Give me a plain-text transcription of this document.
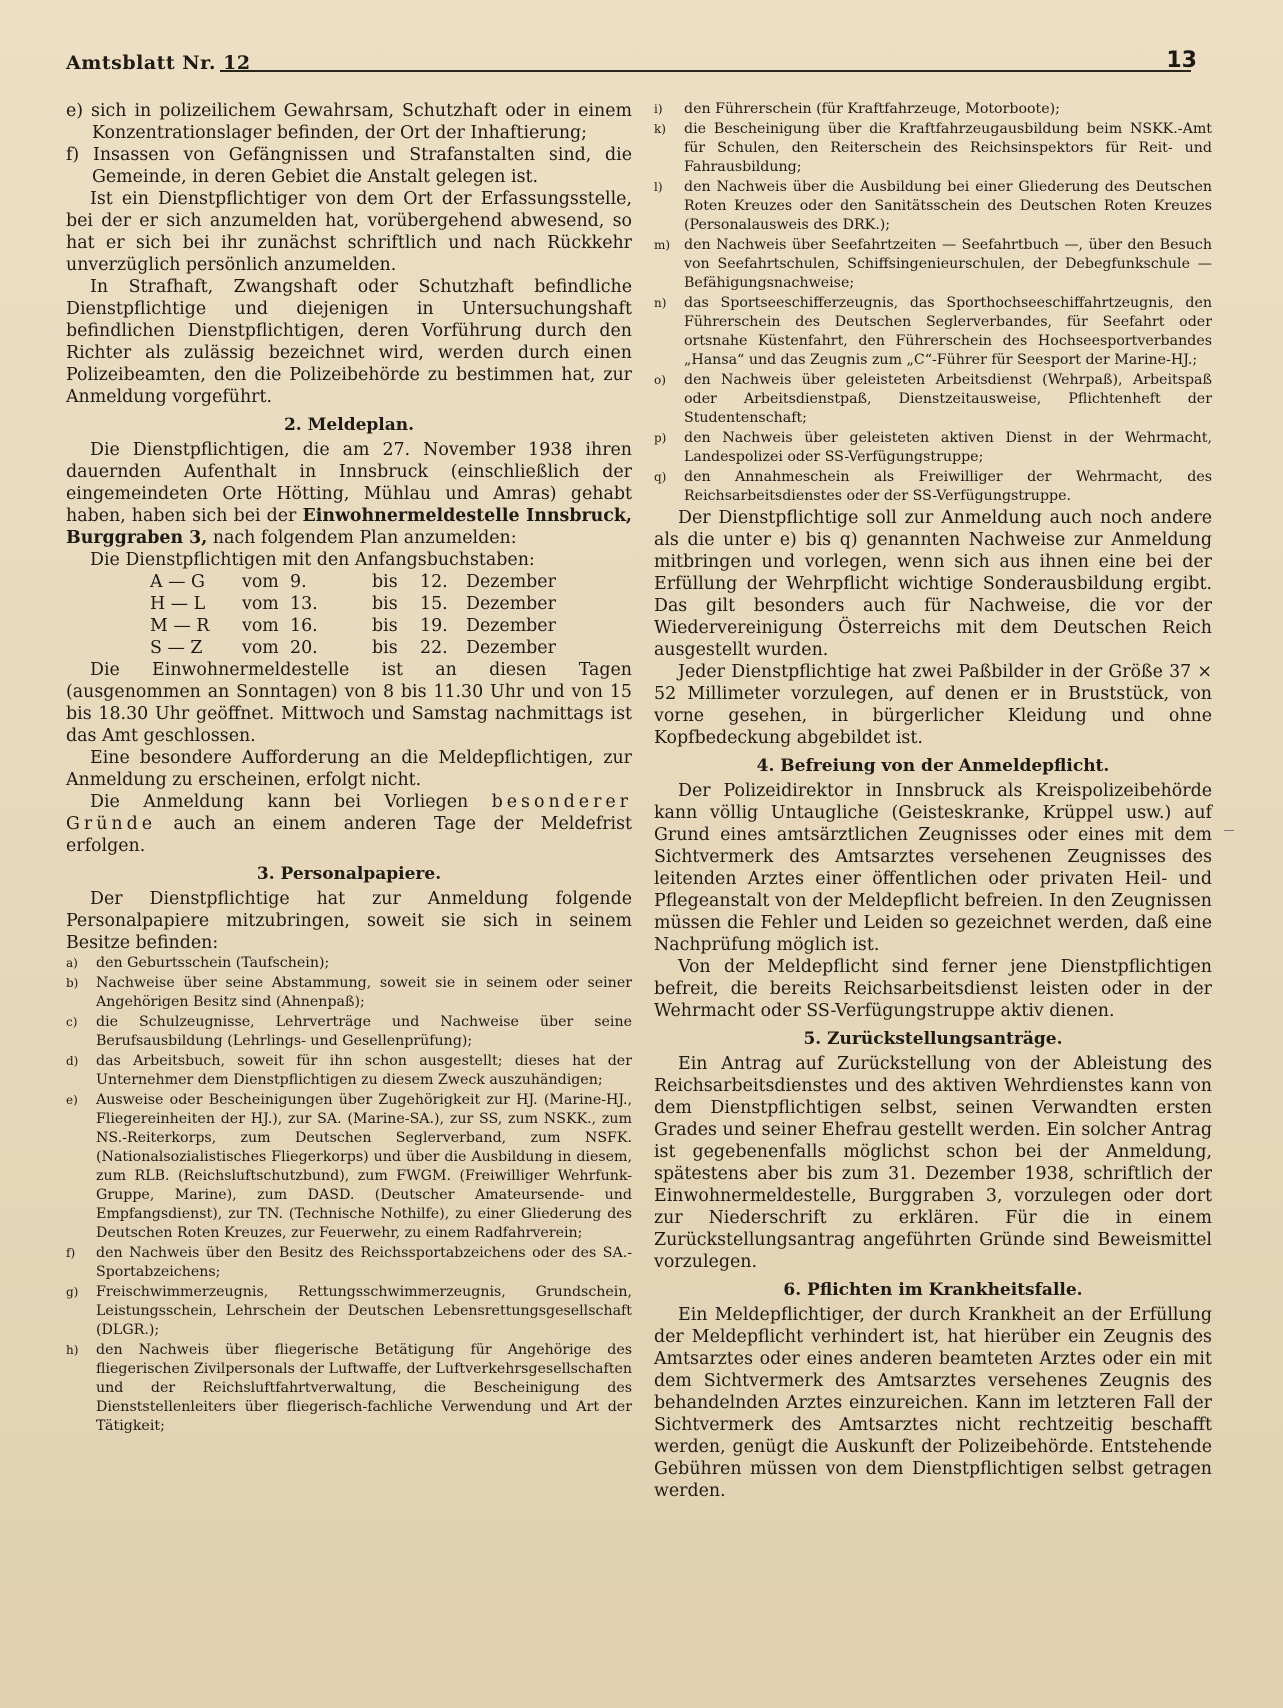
Amtsblatt Nr. 12	13

e) sich in polizeilichem Gewahrsam, Schutzhaft oder in einem Konzentrationslager befinden, der Ort der Inhaftierung;

f) Insassen von Gefängnissen und Strafanstalten sind, die Gemeinde, in deren Gebiet die Anstalt gelegen ist.

Ist ein Dienstpflichtiger von dem Ort der Erfassungsstelle, bei der er sich anzumelden hat, vorübergehend abwesend, so hat er sich bei ihr zunächst schriftlich und nach Rückkehr unverzüglich persönlich anzumelden.

In Strafhaft, Zwangshaft oder Schutzhaft befindliche Dienstpflichtige und diejenigen in Untersuchungshaft befindlichen Dienstpflichtigen, deren Vorführung durch den Richter als zulässig bezeichnet wird, werden durch einen Polizeibeamten, den die Polizeibehörde zu bestimmen hat, zur Anmeldung vorgeführt.

2. Meldeplan.

Die Dienstpflichtigen, die am 27. November 1938 ihren dauernden Aufenthalt in Innsbruck (einschließlich der eingemeindeten Orte Hötting, Mühlau und Amras) gehabt haben, haben sich bei der Einwohnermeldestelle Innsbruck, Burggraben 3, nach folgendem Plan anzumelden:

Die Dienstpflichtigen mit den Anfangsbuchstaben:

A — G vom 9.	bis 12. Dezember
H — L vom 13.	bis 15. Dezember
M — R vom 16.	bis 19. Dezember
S — Z vom 20.	bis 22. Dezember

Die Einwohnermeldestelle ist an diesen Tagen (ausgenommen an Sonntagen) von 8 bis 11.30 Uhr und von 15 bis 18.30 Uhr geöffnet. Mittwoch und Samstag nachmittags ist das Amt geschlossen.

Eine besondere Aufforderung an die Meldepflichtigen, zur Anmeldung zu erscheinen, erfolgt nicht.

Die Anmeldung kann bei Vorliegen besonderer Gründe auch an einem anderen Tage der Meldefrist erfolgen.

3. Personalpapiere.

Der Dienstpflichtige hat zur Anmeldung folgende Personalpapiere mitzubringen, soweit sie sich in seinem Besitze befinden:

a) den Geburtsschein (Taufschein);

b) Nachweise über seine Abstammung, soweit sie in seinem oder seiner Angehörigen Besitz sind (Ahnenpaß);

c) die Schulzeugnisse, Lehrverträge und Nachweise über seine Berufsausbildung (Lehrlings- und Gesellenprüfung);

d) das Arbeitsbuch, soweit für ihn schon ausgestellt; dieses hat der Unternehmer dem Dienstpflichtigen zu diesem Zweck auszuhändigen;

e) Ausweise oder Bescheinigungen über Zugehörigkeit zur HJ. (Marine-HJ., Fliegereinheiten der HJ.), zur SA. (Marine-SA.), zur SS, zum NSKK., zum NS.-Reiterkorps, zum Deutschen Seglerverband, zum NSFK. (Nationalsozialistisches Fliegerkorps) und über die Ausbildung in diesem, zum RLB. (Reichsluftschutzbund), zum FWGM. (Freiwilliger Wehrfunk-Gruppe, Marine), zum DASD. (Deutscher Amateursende- und Empfangsdienst), zur TN. (Technische Nothilfe), zu einer Gliederung des Deutschen Roten Kreuzes, zur Feuerwehr, zu einem Radfahrverein;

f) den Nachweis über den Besitz des Reichssportabzeichens oder des SA.-Sportabzeichens;

g) Freischwimmerzeugnis, Rettungsschwimmerzeugnis, Grundschein, Leistungsschein, Lehrschein der Deutschen Lebensrettungsgesellschaft (DLGR.);

h) den Nachweis über fliegerische Betätigung für Angehörige des fliegerischen Zivilpersonals der Luftwaffe, der Luftverkehrsgesellschaften und der Reichsluftfahrtverwaltung, die Bescheinigung des Dienststellenleiters über fliegerisch-fachliche Verwendung und Art der Tätigkeit;

i) den Führerschein (für Kraftfahrzeuge, Motorboote);

k) die Bescheinigung über die Kraftfahrzeugausbildung beim NSKK.-Amt für Schulen, den Reiterschein des Reichsinspektors für Reit- und Fahrausbildung;

l) den Nachweis über die Ausbildung bei einer Gliederung des Deutschen Roten Kreuzes oder den Sanitätsschein des Deutschen Roten Kreuzes (Personalausweis des DRK.);

m) den Nachweis über Seefahrtzeiten — Seefahrtbuch —, über den Besuch von Seefahrtschulen, Schiffsingenieurschulen, der Debegfunkschule — Befähigungsnachweise;

n) das Sportseeschifferzeugnis, das Sporthochseeschiffahrtzeugnis, den Führerschein des Deutschen Seglerverbandes, für Seefahrt oder ortsnahe Küstenfahrt, den Führerschein des Hochseesportverbandes „Hansa“ und das Zeugnis zum „C“-Führer für Seesport der Marine-HJ.;

o) den Nachweis über geleisteten Arbeitsdienst (Wehrpaß), Arbeitspaß oder Arbeitsdienstpaß, Dienstzeitausweise, Pflichtenheft der Studentenschaft;

p) den Nachweis über geleisteten aktiven Dienst in der Wehrmacht, Landespolizei oder SS-Verfügungstruppe;

q) den Annahmeschein als Freiwilliger der Wehrmacht, des Reichsarbeitsdienstes oder der SS-Verfügungstruppe.

Der Dienstpflichtige soll zur Anmeldung auch noch andere als die unter e) bis q) genannten Nachweise zur Anmeldung mitbringen und vorlegen, wenn sich aus ihnen eine bei der Erfüllung der Wehrpflicht wichtige Sonderausbildung ergibt. Das gilt besonders auch für Nachweise, die vor der Wiedervereinigung Österreichs mit dem Deutschen Reich ausgestellt wurden.

Jeder Dienstpflichtige hat zwei Paßbilder in der Größe 37 × 52 Millimeter vorzulegen, auf denen er in Bruststück, von vorne gesehen, in bürgerlicher Kleidung und ohne Kopfbedeckung abgebildet ist.

4. Befreiung von der Anmeldepflicht.

Der Polizeidirektor in Innsbruck als Kreispolizeibehörde kann völlig Untaugliche (Geisteskranke, Krüppel usw.) auf Grund eines amtsärztlichen Zeugnisses oder eines mit dem Sichtvermerk des Amtsarztes versehenen Zeugnisses des leitenden Arztes einer öffentlichen oder privaten Heil- und Pflegeanstalt von der Meldepflicht befreien. In den Zeugnissen müssen die Fehler und Leiden so gezeichnet werden, daß eine Nachprüfung möglich ist.

Von der Meldepflicht sind ferner jene Dienstpflichtigen befreit, die bereits Reichsarbeitsdienst leisten oder in der Wehrmacht oder SS-Verfügungstruppe aktiv dienen.

5. Zurückstellungsanträge.

Ein Antrag auf Zurückstellung von der Ableistung des Reichsarbeitsdienstes und des aktiven Wehrdienstes kann von dem Dienstpflichtigen selbst, seinen Verwandten ersten Grades und seiner Ehefrau gestellt werden. Ein solcher Antrag ist gegebenenfalls möglichst schon bei der Anmeldung, spätestens aber bis zum 31. Dezember 1938, schriftlich der Einwohnermeldestelle, Burggraben 3, vorzulegen oder dort zur Niederschrift zu erklären. Für die in einem Zurückstellungsantrag angeführten Gründe sind Beweismittel vorzulegen.

6. Pflichten im Krankheitsfalle.

Ein Meldepflichtiger, der durch Krankheit an der Erfüllung der Meldepflicht verhindert ist, hat hierüber ein Zeugnis des Amtsarztes oder eines anderen beamteten Arztes oder ein mit dem Sichtvermerk des Amtsarztes versehenes Zeugnis des behandelnden Arztes einzureichen. Kann im letzteren Fall der Sichtvermerk des Amtsarztes nicht rechtzeitig beschafft werden, genügt die Auskunft der Polizeibehörde. Entstehende Gebühren müssen von dem Dienstpflichtigen selbst getragen werden.
